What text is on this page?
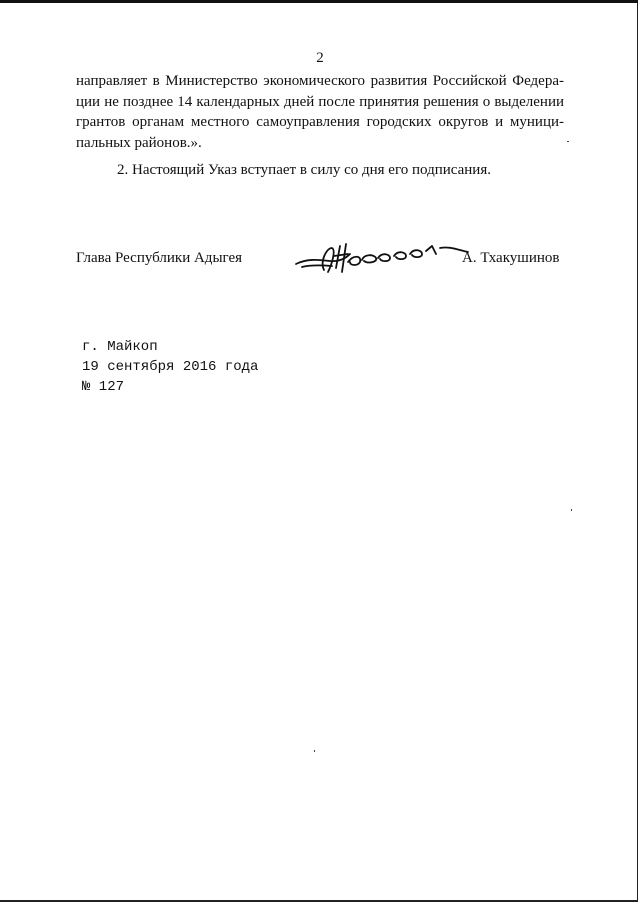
2
направляет в Министерство экономического развития Российской Федера-
ции не позднее 14 календарных дней после принятия решения о выделении
грантов органам местного самоуправления городских округов и муници-
пальных районов.».
2. Настоящий Указ вступает в силу со дня его подписания.
Глава Республики Адыгея	А. Тхакушинов
г. Майкоп
19 сентября 2016 года
№ 127
